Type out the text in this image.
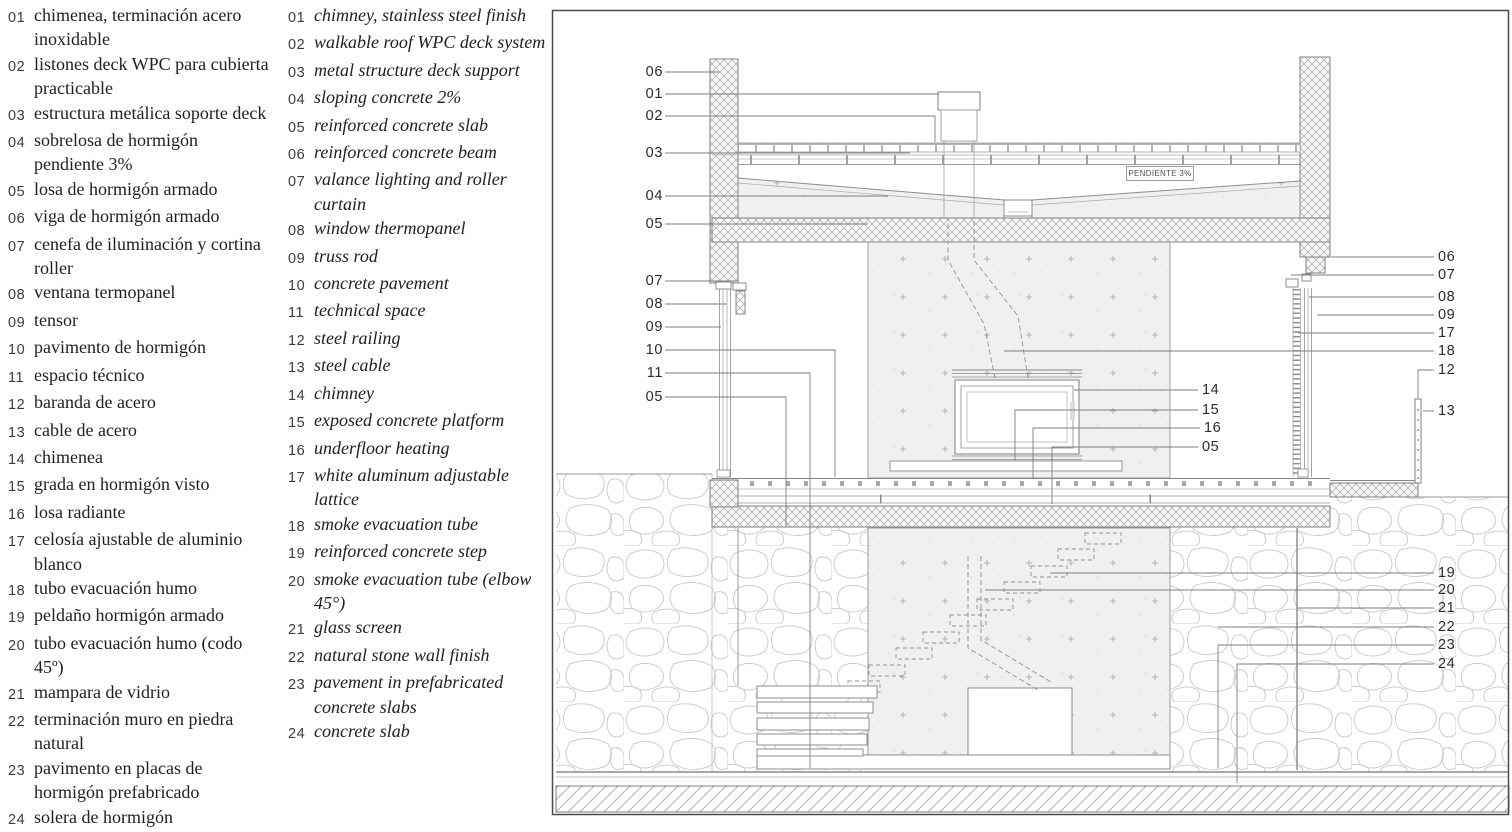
01 chimenea, terminación acero inoxidable
02 listones deck WPC para cubierta practicable
03 estructura metálica soporte deck
04 sobrelosa de hormigón pendiente 3%
05 losa de hormigón armado
06 viga de hormigón armado
07 cenefa de iluminación y cortina roller
08 ventana termopanel
09 tensor
10 pavimento de hormigón
11 espacio técnico
12 baranda de acero
13 cable de acero
14 chimenea
15 grada en hormigón visto
16 losa radiante
17 celosía ajustable de aluminio blanco
18 tubo evacuación humo
19 peldaño hormigón armado
20 tubo evacuación humo (codo 45º)
21 mampara de vidrio
22 terminación muro en piedra natural
23 pavimento en placas de hormigón prefabricado
24 solera de hormigón
01 chimney, stainless steel finish
02 walkable roof WPC deck system
03 metal structure deck support
04 sloping concrete 2%
05 reinforced concrete slab
06 reinforced concrete beam
07 valance lighting and roller curtain
08 window thermopanel
09 truss rod
10 concrete pavement
11 technical space
12 steel railing
13 steel cable
14 chimney
15 exposed concrete platform
16 underfloor heating
17 white aluminum adjustable lattice
18 smoke evacuation tube
19 reinforced concrete step
20 smoke evacuation tube (elbow 45°)
21 glass screen
22 natural stone wall finish
23 pavement in prefabricated concrete slabs
24 concrete slab
PENDIENTE 3%
06
01
02
03
04
05
07
08
09
10
11
05	14
15
16
05
06
07
08
09
17
18
12
13
19
20
21
22
23
24
